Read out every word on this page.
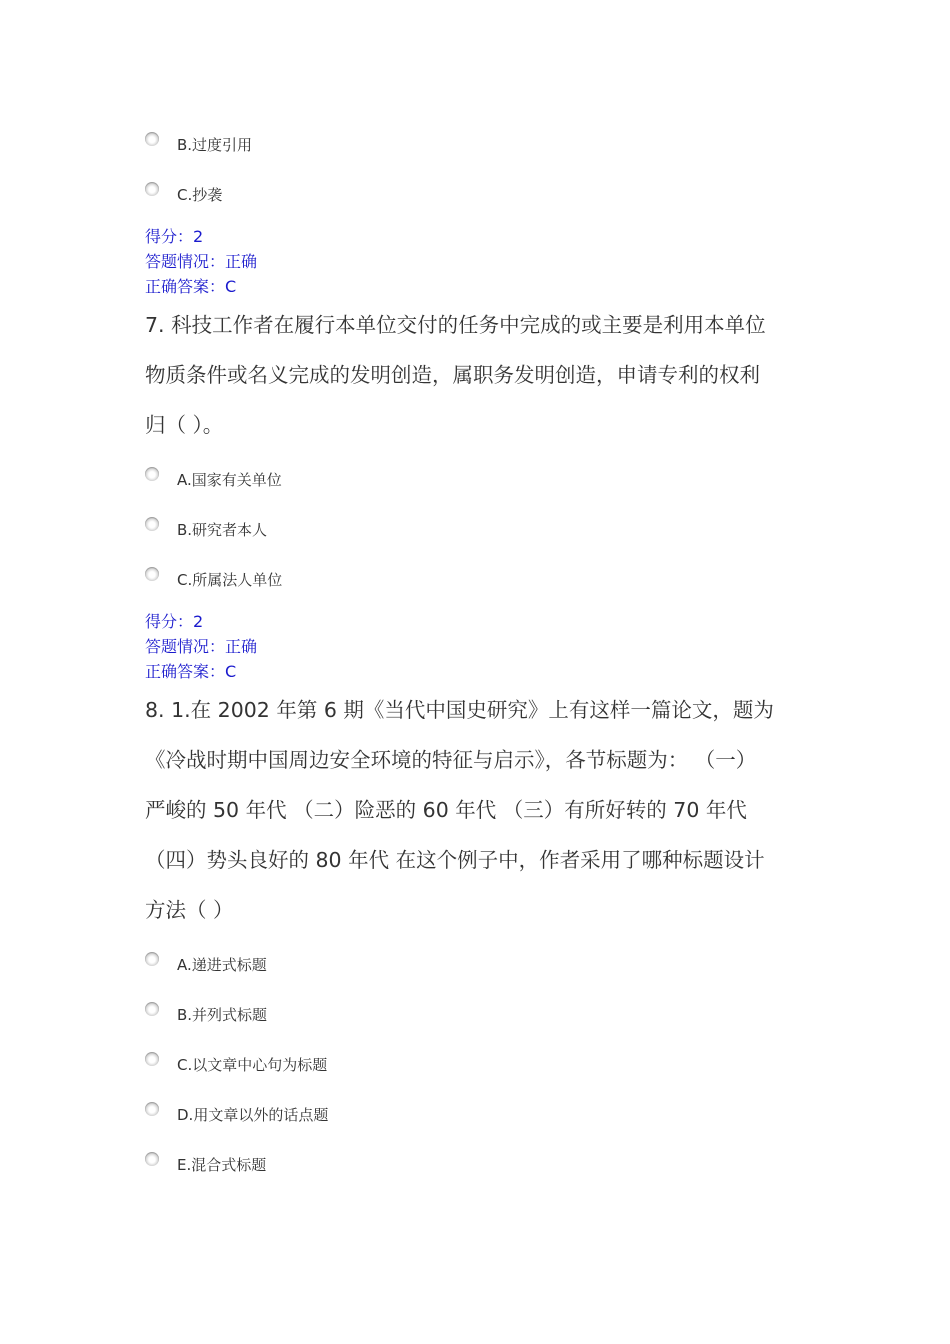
B.过度引用
C.抄袭
得分：2
答题情况：正确
正确答案：C
7. 科技工作者在履行本单位交付的任务中完成的或主要是利用本单位
物质条件或名义完成的发明创造，属职务发明创造，申请专利的权利
归（ ）。
A.国家有关单位
B.研究者本人
C.所属法人单位
得分：2
答题情况：正确
正确答案：C
8. 1.在 2002 年第 6 期《当代中国史研究》上有这样一篇论文，题为
《冷战时期中国周边安全环境的特征与启示》，各节标题为： （一）
严峻的 50 年代 （二）险恶的 60 年代 （三）有所好转的 70 年代
（四）势头良好的 80 年代 在这个例子中，作者采用了哪种标题设计
方法（ ）
A.递进式标题
B.并列式标题
C.以文章中心句为标题
D.用文章以外的话点题
E.混合式标题
